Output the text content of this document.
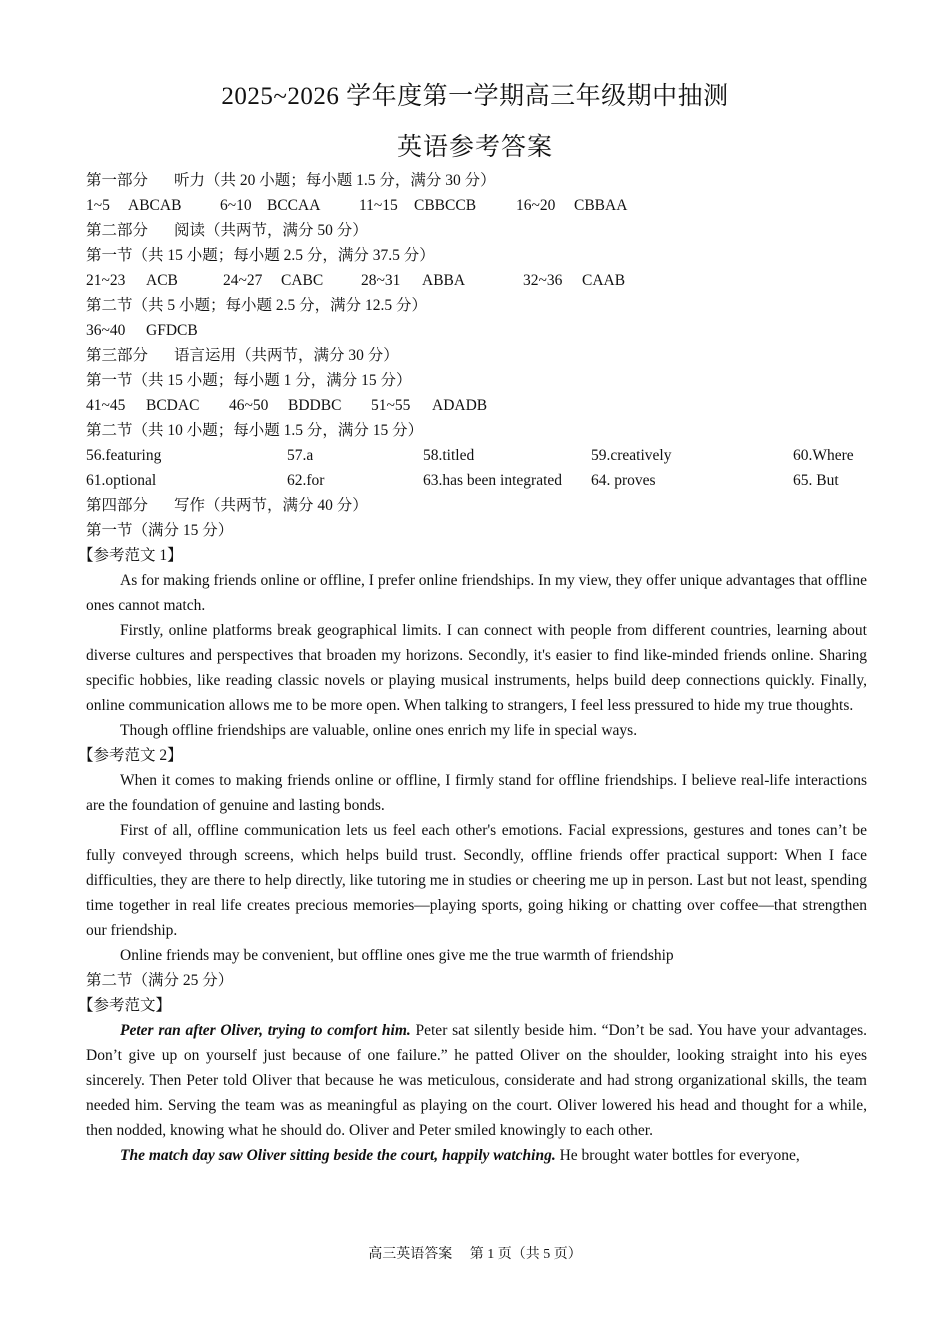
2025~2026 学年度第一学期高三年级期中抽测
英语参考答案
第一部分 听力（共 20 小题；每小题 1.5 分，满分 30 分）
1~5 ABCAB 6~10 BCCAA 11~15 CBBCCB	16~20 CBBAA
第二部分 阅读（共两节，满分 50 分）
第一节（共 15 小题；每小题 2.5 分，满分 37.5 分）
21~23 ACB	24~27 CABC 28~31 ABBA	32~36 CAAB
第二节（共 5 小题；每小题 2.5 分，满分 12.5 分）
36~40 GFDCB
第三部分 语言运用（共两节，满分 30 分）
第一节（共 15 小题；每小题 1 分，满分 15 分）
41~45 BCDAC 46~50 BDDBC 51~55 ADADB
第二节（共 10 小题；每小题 1.5 分，满分 15 分）
56.featuring	57.a	58.titled	59.creatively	60.Where
61.optional	62.for	63.has been integrated 64. proves	65. But
第四部分 写作（共两节，满分 40 分）
第一节（满分 15 分）
【参考范文 1】

As for making friends online or offline, I prefer online friendships. In my view, they offer unique advantages that offline ones cannot match.

Firstly, online platforms break geographical limits. I can connect with people from different countries, learning about diverse cultures and perspectives that broaden my horizons. Secondly, it's easier to find like-minded friends online. Sharing specific hobbies, like reading classic novels or playing musical instruments, helps build deep connections quickly. Finally, online communication allows me to be more open. When talking to strangers, I feel less pressured to hide my true thoughts.

Though offline friendships are valuable, online ones enrich my life in special ways.

【参考范文 2】

When it comes to making friends online or offline, I firmly stand for offline friendships. I believe real-life interactions are the foundation of genuine and lasting bonds.

First of all, offline communication lets us feel each other's emotions. Facial expressions, gestures and tones can’t be fully conveyed through screens, which helps build trust. Secondly, offline friends offer practical support: When I face difficulties, they are there to help directly, like tutoring me in studies or cheering me up in person. Last but not least, spending time together in real life creates precious memories—playing sports, going hiking or chatting over coffee—that strengthen our friendship.

Online friends may be convenient, but offline ones give me the true warmth of friendship

第二节（满分 25 分）
【参考范文】

Peter ran after Oliver, trying to comfort him. Peter sat silently beside him. “Don’t be sad. You have your advantages. Don’t give up on yourself just because of one failure.” he patted Oliver on the shoulder, looking straight into his eyes sincerely. Then Peter told Oliver that because he was meticulous, considerate and had strong organizational skills, the team needed him. Serving the team was as meaningful as playing on the court. Oliver lowered his head and thought for a while, then nodded, knowing what he should do. Oliver and Peter smiled knowingly to each other.

The match day saw Oliver sitting beside the court, happily watching. He brought water bottles for everyone,

高三英语答案　 第 1 页（共 5 页）
